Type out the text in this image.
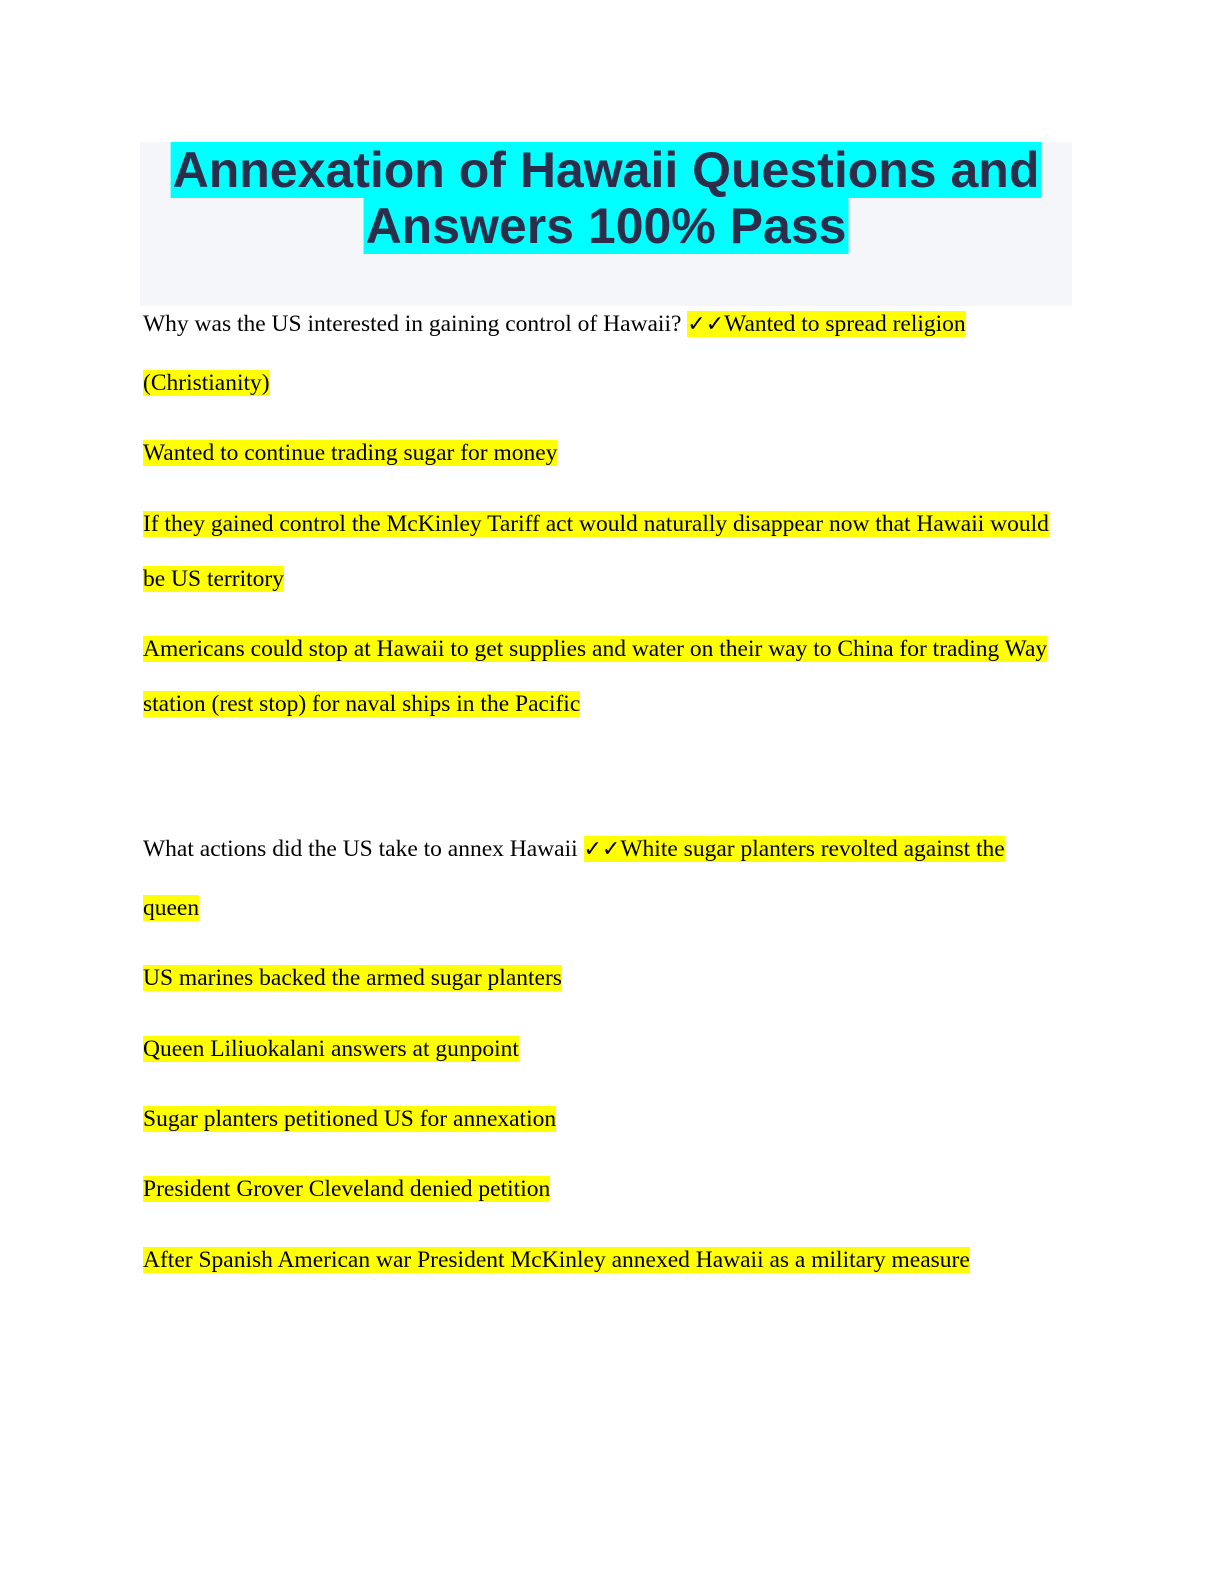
Annexation of Hawaii Questions and
Answers 100% Pass
Why was the US interested in gaining control of Hawaii? ✓✓Wanted to spread religion
(Christianity)
Wanted to continue trading sugar for money
If they gained control the McKinley Tariff act would naturally disappear now that Hawaii would
be US territory
Americans could stop at Hawaii to get supplies and water on their way to China for trading Way
station (rest stop) for naval ships in the Pacific
What actions did the US take to annex Hawaii ✓✓White sugar planters revolted against the
queen
US marines backed the armed sugar planters
Queen Liliuokalani answers at gunpoint
Sugar planters petitioned US for annexation
President Grover Cleveland denied petition
After Spanish American war President McKinley annexed Hawaii as a military measure
